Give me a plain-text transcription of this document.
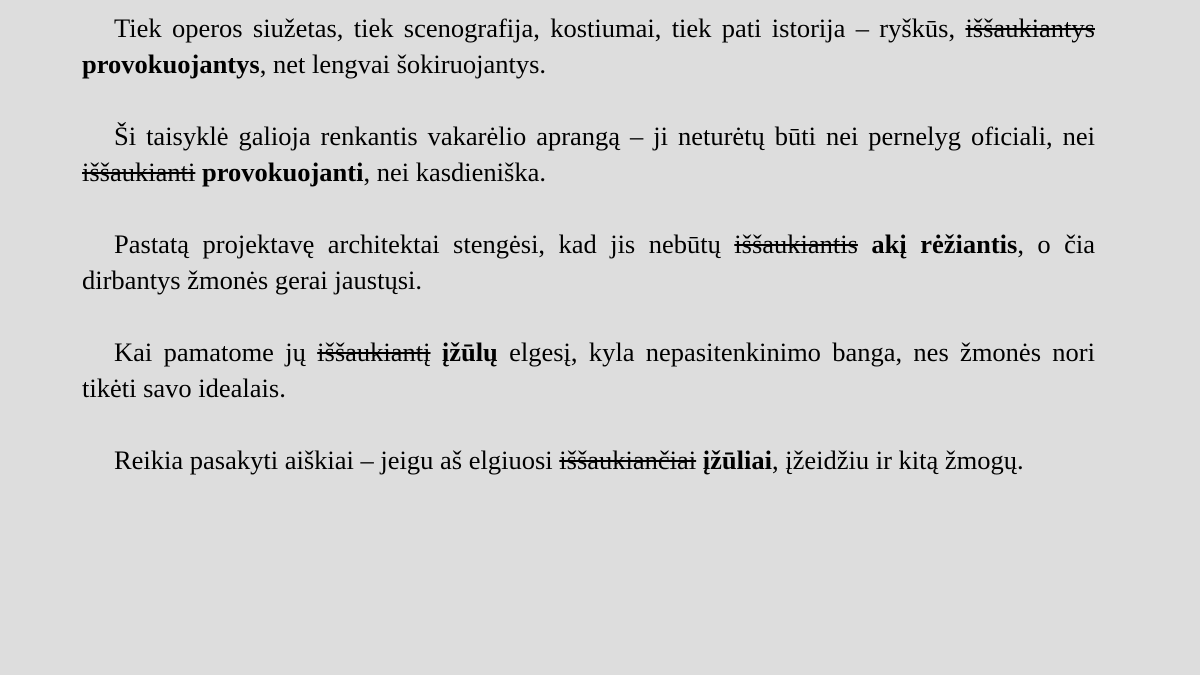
Tiek operos siužetas, tiek scenografija, kostiumai, tiek pati istorija – ryškūs, iššaukiantys provokuojantys, net lengvai šokiruojantys.

Ši taisyklė galioja renkantis vakarėlio aprangą – ji neturėtų būti nei pernelyg oficiali, nei iššaukianti provokuojanti, nei kasdieniška.

Pastatą projektavę architektai stengėsi, kad jis nebūtų iššaukiantis akį rėžiantis, o čia dirbantys žmonės gerai jaustųsi.

Kai pamatome jų iššaukiantį įžūlų elgesį, kyla nepasitenkinimo banga, nes žmonės nori tikėti savo idealais.

Reikia pasakyti aiškiai – jeigu aš elgiuosi iššaukiančiai įžūliai, įžeidžiu ir kitą žmogų.
